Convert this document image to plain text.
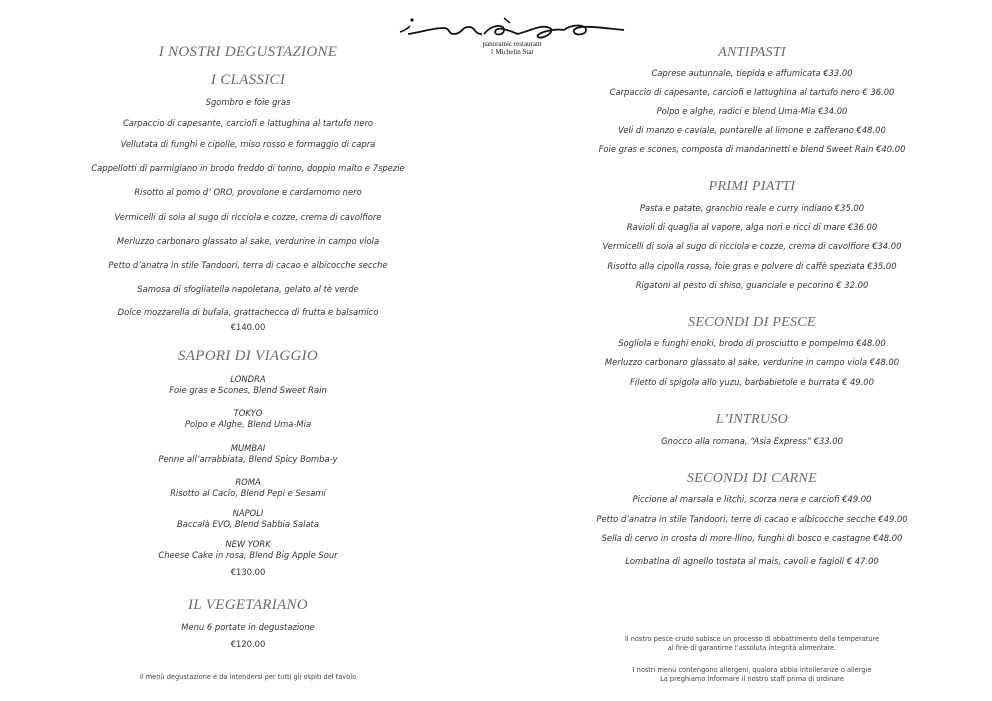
panoramic restaurant
1 Michelin Star
I NOSTRI DEGUSTAZIONE
I CLASSICI

Sgombro e foie gras

Carpaccio di capesante, carciofi e lattughina al tartufo nero

Vellutata di funghi e cipolle, miso rosso e formaggio di capra

Cappellotti di parmigiano in brodo freddo di tonno, doppio malto e 7spezie

Risotto al pomo d’ ORO, provolone e cardamomo nero

Vermicelli di soia al sugo di ricciola e cozze, crema di cavolfiore

Merluzzo carbonaro glassato al sake, verdurine in campo viola

Petto d’anatra in stile Tandoori, terra di cacao e albicocche secche

Samosa di sfogliatella napoletana, gelato al tè verde

Dolce mozzarella di bufala, grattachecca di frutta e balsamico

€140.00

SAPORI DI VIAGGIO

LONDRA

Foie gras e Scones, Blend Sweet Rain

TOKYO

Polpo e Alghe, Blend Uma-Mia

MUMBAI

Penne all’arrabbiata, Blend Spicy Bomba-y

ROMA

Risotto al Cacio, Blend Pepi e Sesami

NAPOLI

Baccalà EVO, Blend Sabbia Salata

NEW YORK

Cheese Cake in rosa, Blend Big Apple Sour

€130.00

IL VEGETARIANO

Menu 6 portate in degustazione

€120.00

Il menù degustazione è da intendersi per tutti gli ospiti del tavolo

ANTIPASTI

Caprese autunnale, tiepida e affumicata €33.00

Carpaccio di capesante, carciofi e lattughina al tartufo nero € 36.00

Polpo e alghe, radici e blend Uma-Mia €34.00

Veli di manzo e caviale, puntarelle al limone e zafferano €48.00

Foie gras e scones, composta di mandarinetti e blend Sweet Rain €40.00

PRIMI PIATTI

Pasta e patate, granchio reale e curry indiano €35.00

Ravioli di quaglia al vapore, alga nori e ricci di mare €36.00

Vermicelli di soia al sugo di ricciola e cozze, crema di cavolfiore €34.00

Risotto alla cipolla rossa, foie gras e polvere di caffè speziata €35.00

Rigatoni al pesto di shiso, guanciale e pecorino € 32.00

SECONDI DI PESCE

Sogliola e funghi enoki, brodo di prosciutto e pompelmo €48.00

Merluzzo carbonaro glassato al sake, verdurine in campo viola €48.00

Filetto di spigola allo yuzu, barbabietole e burrata € 49.00

L’INTRUSO

Gnocco alla romana, “Asia Express” €33.00

SECONDI DI CARNE

Piccione al marsala e litchi, scorza nera e carciofi €49.00

Petto d’anatra in stile Tandoori, terre di cacao e albicocche secche €49.00

Sella di cervo in crosta di more-llino, funghi di bosco e castagne €48.00

Lombatina di agnello tostata al mais, cavoli e fagioli € 47.00

Il nostro pesce crudo subisce un processo di abbattimento della temperature

al fine di garantirne l’assoluta integrità alimentare.

I nostri menù contengono allergeni, qualora abbia intolleranze o allergie

La preghiamo informare il nostro staff prima di ordinare
